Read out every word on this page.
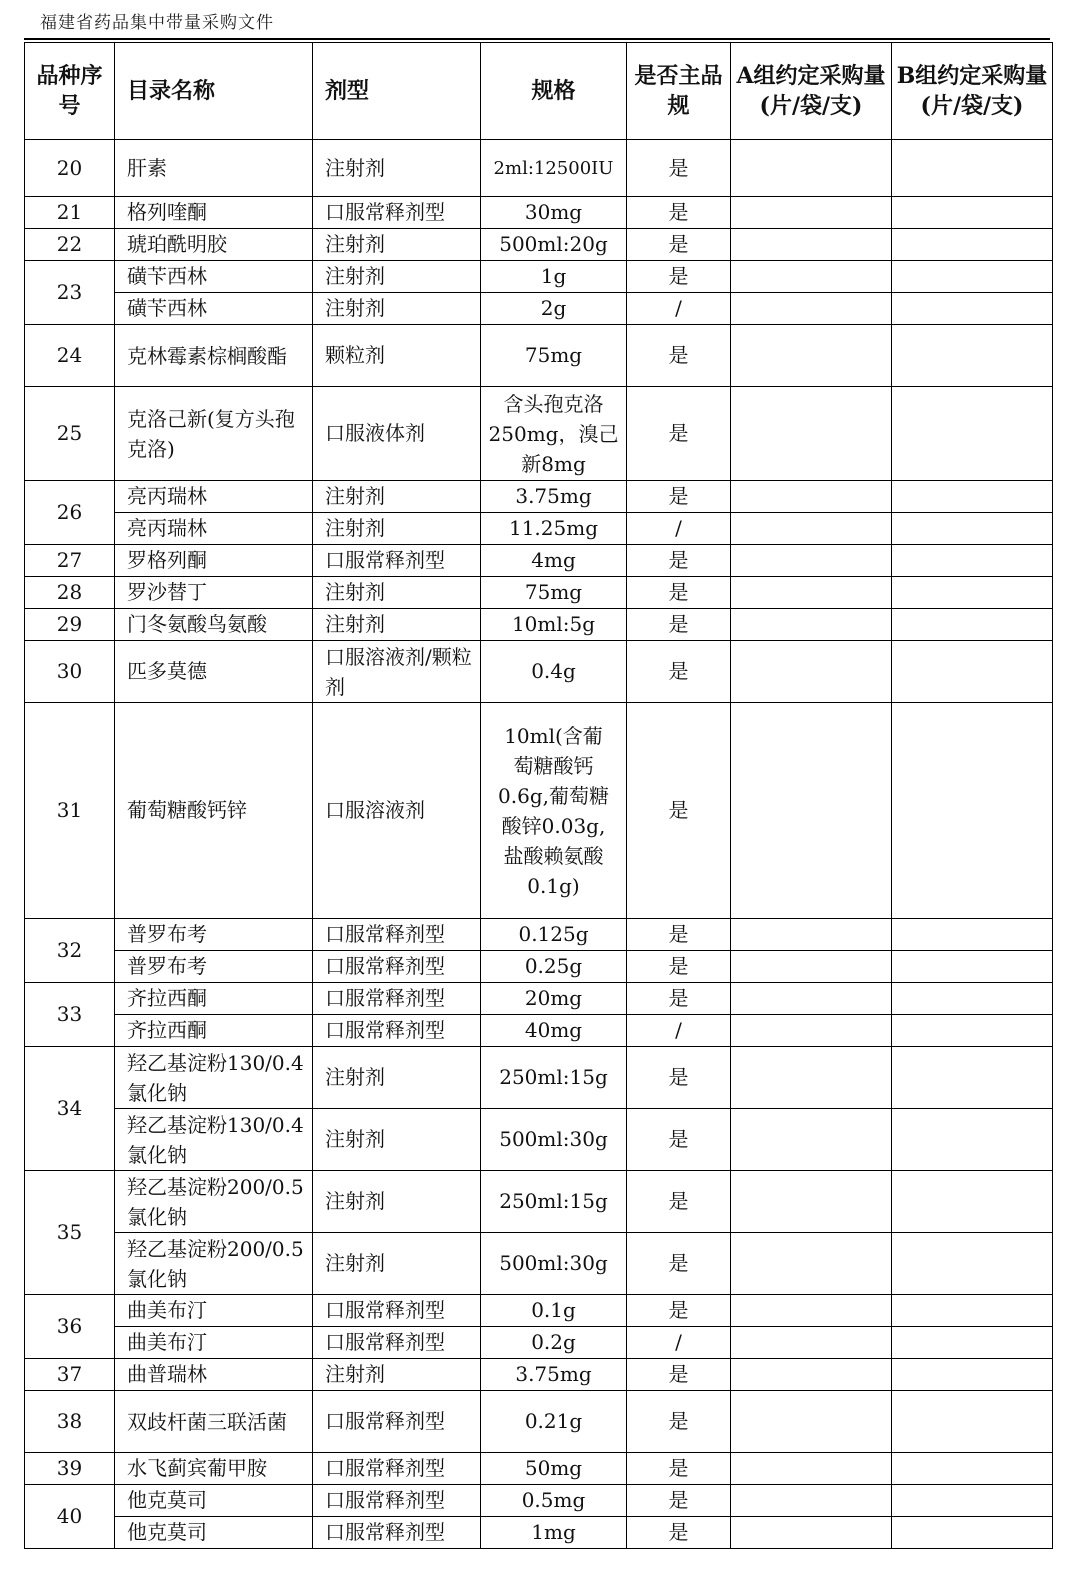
福建省药品集中带量采购文件
品种序号	目录名称	剂型	规格	是否主品规	A组约定采购量(片/袋/支)	B组约定采购量(片/袋/支)
20	肝素	注射剂	2ml:12500IU	是		
21	格列喹酮	口服常释剂型	30mg	是		
22	琥珀酰明胶	注射剂	500ml:20g	是		
23	磺苄西林	注射剂	1g	是		
	磺苄西林	注射剂	2g	/		
24	克林霉素棕榈酸酯	颗粒剂	75mg	是		
25	克洛己新(复方头孢克洛)	口服液体剂	含头孢克洛250mg，溴己新8mg	是		
26	亮丙瑞林	注射剂	3.75mg	是		
	亮丙瑞林	注射剂	11.25mg	/		
27	罗格列酮	口服常释剂型	4mg	是		
28	罗沙替丁	注射剂	75mg	是		
29	门冬氨酸鸟氨酸	注射剂	10ml:5g	是		
30	匹多莫德	口服溶液剂/颗粒剂	0.4g	是		
31	葡萄糖酸钙锌	口服溶液剂	10ml(含葡萄糖酸钙0.6g,葡萄糖酸锌0.03g,盐酸赖氨酸0.1g)	是		
32	普罗布考	口服常释剂型	0.125g	是		
	普罗布考	口服常释剂型	0.25g	是		
33	齐拉西酮	口服常释剂型	20mg	是		
	齐拉西酮	口服常释剂型	40mg	/		
34	羟乙基淀粉130/0.4氯化钠	注射剂	250ml:15g	是		
	羟乙基淀粉130/0.4氯化钠	注射剂	500ml:30g	是		
35	羟乙基淀粉200/0.5氯化钠	注射剂	250ml:15g	是		
	羟乙基淀粉200/0.5氯化钠	注射剂	500ml:30g	是		
36	曲美布汀	口服常释剂型	0.1g	是		
	曲美布汀	口服常释剂型	0.2g	/		
37	曲普瑞林	注射剂	3.75mg	是		
38	双歧杆菌三联活菌	口服常释剂型	0.21g	是		
39	水飞蓟宾葡甲胺	口服常释剂型	50mg	是		
40	他克莫司	口服常释剂型	0.5mg	是		
	他克莫司	口服常释剂型	1mg	是		
